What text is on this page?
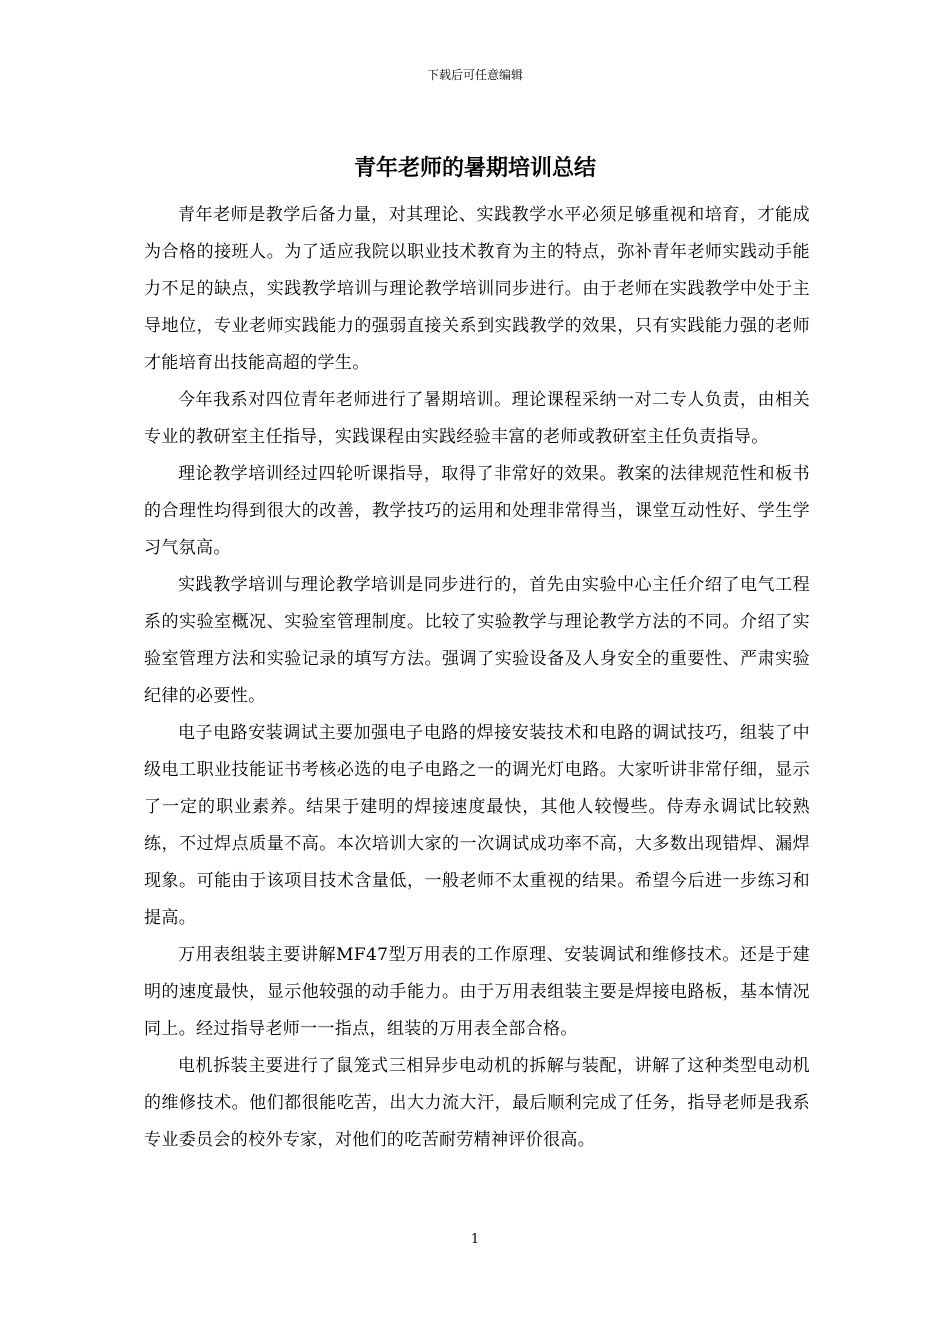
下载后可任意编辑
青年老师的暑期培训总结

青年老师是教学后备力量，对其理论、实践教学水平必须足够重视和培育，才能成为合格的接班人。为了适应我院以职业技术教育为主的特点，弥补青年老师实践动手能力不足的缺点，实践教学培训与理论教学培训同步进行。由于老师在实践教学中处于主导地位，专业老师实践能力的强弱直接关系到实践教学的效果，只有实践能力强的老师才能培育出技能高超的学生。

今年我系对四位青年老师进行了暑期培训。理论课程采纳一对二专人负责，由相关专业的教研室主任指导，实践课程由实践经验丰富的老师或教研室主任负责指导。

理论教学培训经过四轮听课指导，取得了非常好的效果。教案的法律规范性和板书的合理性均得到很大的改善，教学技巧的运用和处理非常得当，课堂互动性好、学生学习气氛高。

实践教学培训与理论教学培训是同步进行的，首先由实验中心主任介绍了电气工程系的实验室概况、实验室管理制度。比较了实验教学与理论教学方法的不同。介绍了实验室管理方法和实验记录的填写方法。强调了实验设备及人身安全的重要性、严肃实验纪律的必要性。

电子电路安装调试主要加强电子电路的焊接安装技术和电路的调试技巧，组装了中级电工职业技能证书考核必选的电子电路之一的调光灯电路。大家听讲非常仔细，显示了一定的职业素养。结果于建明的焊接速度最快，其他人较慢些。侍寿永调试比较熟练，不过焊点质量不高。本次培训大家的一次调试成功率不高，大多数出现错焊、漏焊现象。可能由于该项目技术含量低，一般老师不太重视的结果。希望今后进一步练习和提高。

万用表组装主要讲解MF47型万用表的工作原理、安装调试和维修技术。还是于建明的速度最快，显示他较强的动手能力。由于万用表组装主要是焊接电路板，基本情况同上。经过指导老师一一指点，组装的万用表全部合格。

电机拆装主要进行了鼠笼式三相异步电动机的拆解与装配，讲解了这种类型电动机的维修技术。他们都很能吃苦，出大力流大汗，最后顺利完成了任务，指导老师是我系专业委员会的校外专家，对他们的吃苦耐劳精神评价很高。

1
